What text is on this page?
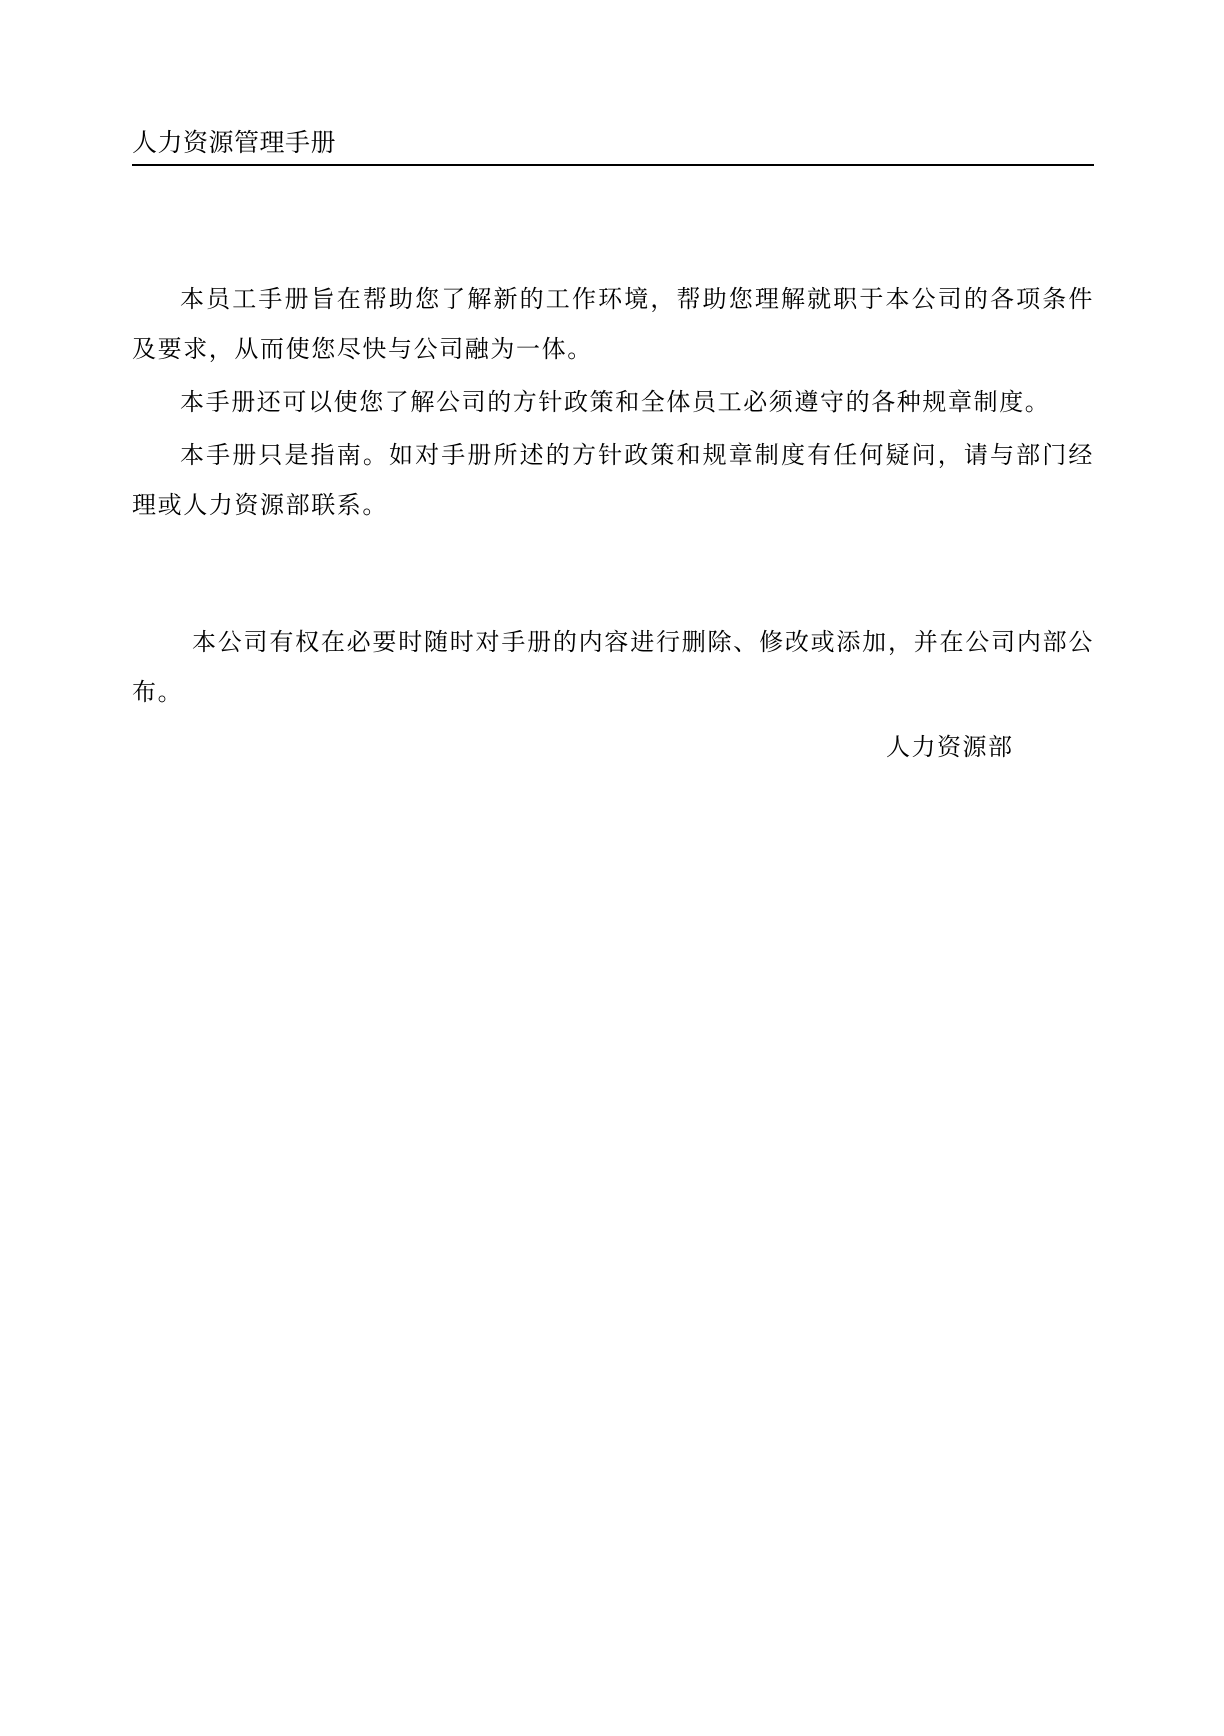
人力资源管理手册

本员工手册旨在帮助您了解新的工作环境，帮助您理解就职于本公司的各项条件及要求，从而使您尽快与公司融为一体。

本手册还可以使您了解公司的方针政策和全体员工必须遵守的各种规章制度。

本手册只是指南。如对手册所述的方针政策和规章制度有任何疑问，请与部门经理或人力资源部联系。

本公司有权在必要时随时对手册的内容进行删除、修改或添加，并在公司内部公布。

人力资源部
